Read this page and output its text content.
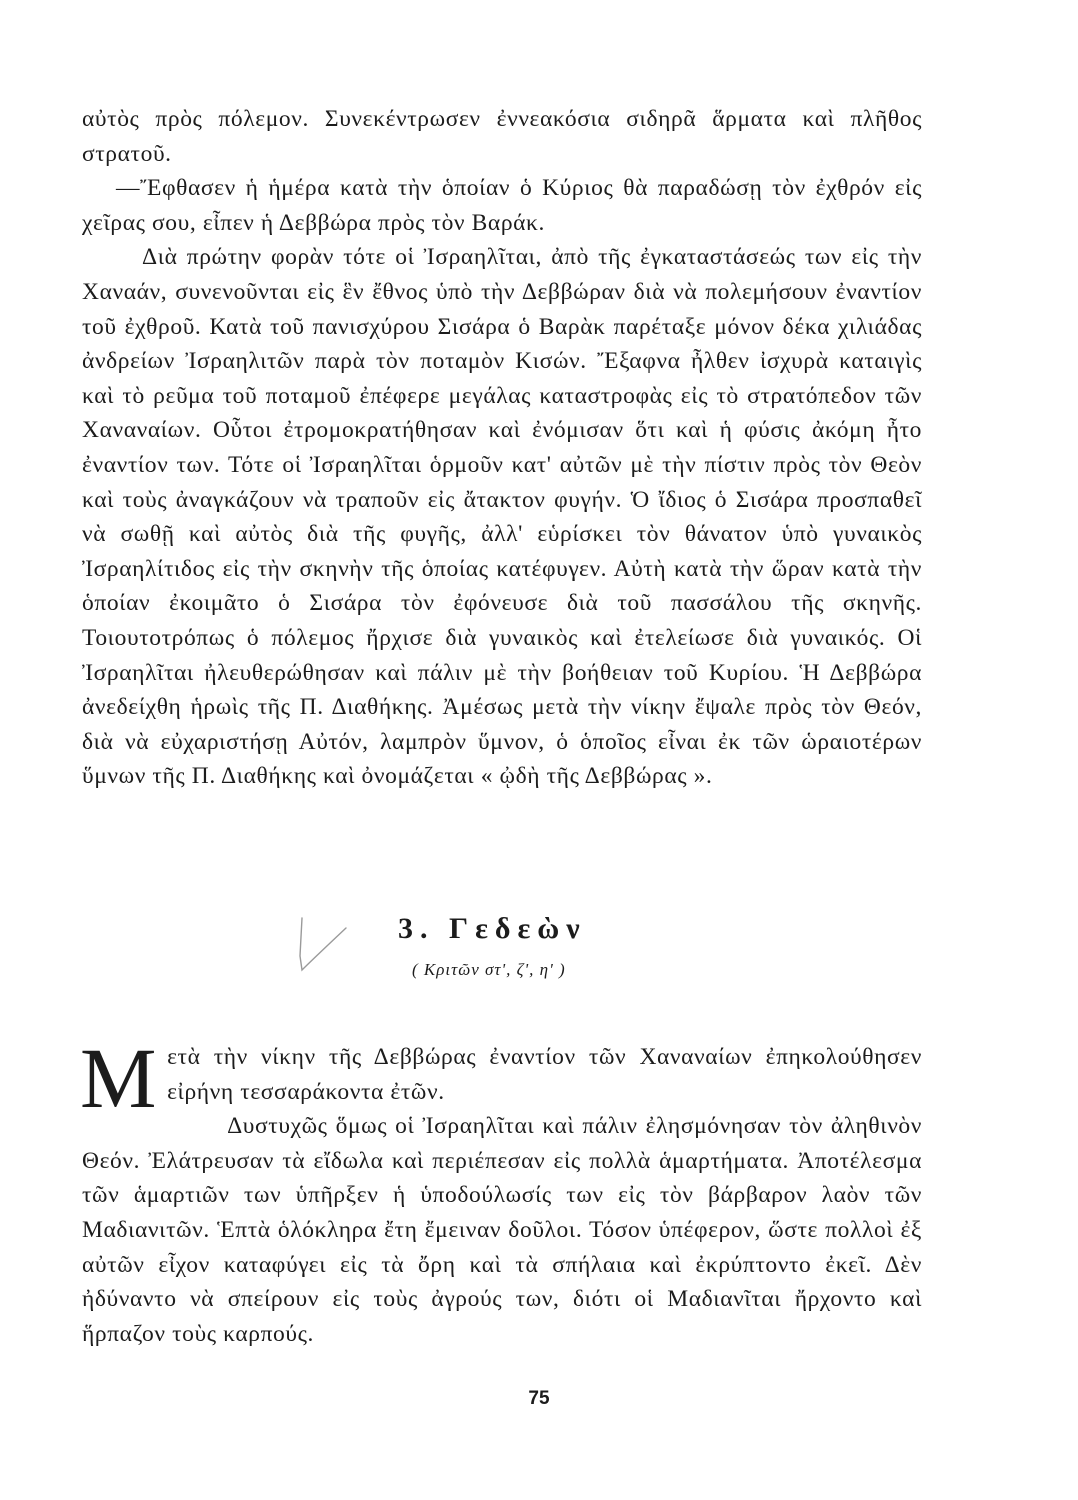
αὐτὸς πρὸς πόλεμον. Συνεκέντρωσεν ἐννεακόσια σιδηρᾶ ἅρματα καὶ πλῆθος στρατοῦ.

—Ἔφθασεν ἡ ἡμέρα κατὰ τὴν ὁποίαν ὁ Κύριος θὰ παραδώσῃ τὸν ἐχθρόν εἰς χεῖρας σου, εἶπεν ἡ Δεββώρα πρὸς τὸν Βαράκ.

Διὰ πρώτην φορὰν τότε οἱ Ἰσραηλῖται, ἀπὸ τῆς ἐγκαταστάσεώς των εἰς τὴν Χαναάν, συνενοῦνται εἰς ἓν ἔθνος ὑπὸ τὴν Δεββώραν διὰ νὰ πολεμήσουν ἐναντίον τοῦ ἐχθροῦ. Κατὰ τοῦ πανισχύρου Σισάρα ὁ Βαρὰκ παρέταξε μόνον δέκα χιλιάδας ἀνδρείων Ἰσραηλιτῶν παρὰ τὸν ποταμὸν Κισών. Ἔξαφνα ἦλθεν ἰσχυρὰ καταιγὶς καὶ τὸ ρεῦμα τοῦ ποταμοῦ ἐπέφερε μεγάλας καταστροφὰς εἰς τὸ στρατόπεδον τῶν Χαναναίων. Οὗτοι ἐτρομοκρατήθησαν καὶ ἐνόμισαν ὅτι καὶ ἡ φύσις ἀκόμη ἦτο ἐναντίον των. Τότε οἱ Ἰσραηλῖται ὁρμοῦν κατ' αὐτῶν μὲ τὴν πίστιν πρὸς τὸν Θεὸν καὶ τοὺς ἀναγκάζουν νὰ τραποῦν εἰς ἄτακτον φυγήν. Ὁ ἴδιος ὁ Σισάρα προσπαθεῖ νὰ σωθῇ καὶ αὐτὸς διὰ τῆς φυγῆς, ἀλλ' εὑρίσκει τὸν θάνατον ὑπὸ γυναικὸς Ἰσραηλίτιδος εἰς τὴν σκηνὴν τῆς ὁποίας κατέφυγεν. Αὐτὴ κατὰ τὴν ὥραν κατὰ τὴν ὁποίαν ἐκοιμᾶτο ὁ Σισάρα τὸν ἐφόνευσε διὰ τοῦ πασσάλου τῆς σκηνῆς. Τοιουτοτρόπως ὁ πόλεμος ἤρχισε διὰ γυναικὸς καὶ ἐτελείωσε διὰ γυναικός. Οἱ Ἰσραηλῖται ἠλευθερώθησαν καὶ πάλιν μὲ τὴν βοήθειαν τοῦ Κυρίου. Ἡ Δεββώρα ἀνεδείχθη ἡρωὶς τῆς Π. Διαθήκης. Ἀμέσως μετὰ τὴν νίκην ἔψαλε πρὸς τὸν Θεόν, διὰ νὰ εὐχαριστήσῃ Αὐτόν, λαμπρὸν ὕμνον, ὁ ὁποῖος εἶναι ἐκ τῶν ὡραιοτέρων ὕμνων τῆς Π. Διαθήκης καὶ ὀνομάζεται « ᾠδὴ τῆς Δεββώρας ».

3. Γεδεὼν
( Κριτῶν στ', ζ', η' )

Μετὰ τὴν νίκην τῆς Δεββώρας ἐναντίον τῶν Χαναναίων ἐπηκολούθησεν εἰρήνη τεσσαράκοντα ἐτῶν.

Δυστυχῶς ὅμως οἱ Ἰσραηλῖται καὶ πάλιν ἐλησμόνησαν τὸν ἀληθινὸν Θεόν. Ἐλάτρευσαν τὰ εἴδωλα καὶ περιέπεσαν εἰς πολλὰ ἁμαρτήματα. Ἀποτέλεσμα τῶν ἁμαρτιῶν των ὑπῆρξεν ἡ ὑποδούλωσίς των εἰς τὸν βάρβαρον λαὸν τῶν Μαδιανιτῶν. Ἑπτὰ ὁλόκληρα ἔτη ἔμειναν δοῦλοι. Τόσον ὑπέφερον, ὥστε πολλοὶ ἐξ αὐτῶν εἶχον καταφύγει εἰς τὰ ὄρη καὶ τὰ σπήλαια καὶ ἐκρύπτοντο ἐκεῖ. Δὲν ἠδύναντο νὰ σπείρουν εἰς τοὺς ἀγρούς των, διότι οἱ Μαδιανῖται ἤρχοντο καὶ ἥρπαζον τοὺς καρπούς.

75
